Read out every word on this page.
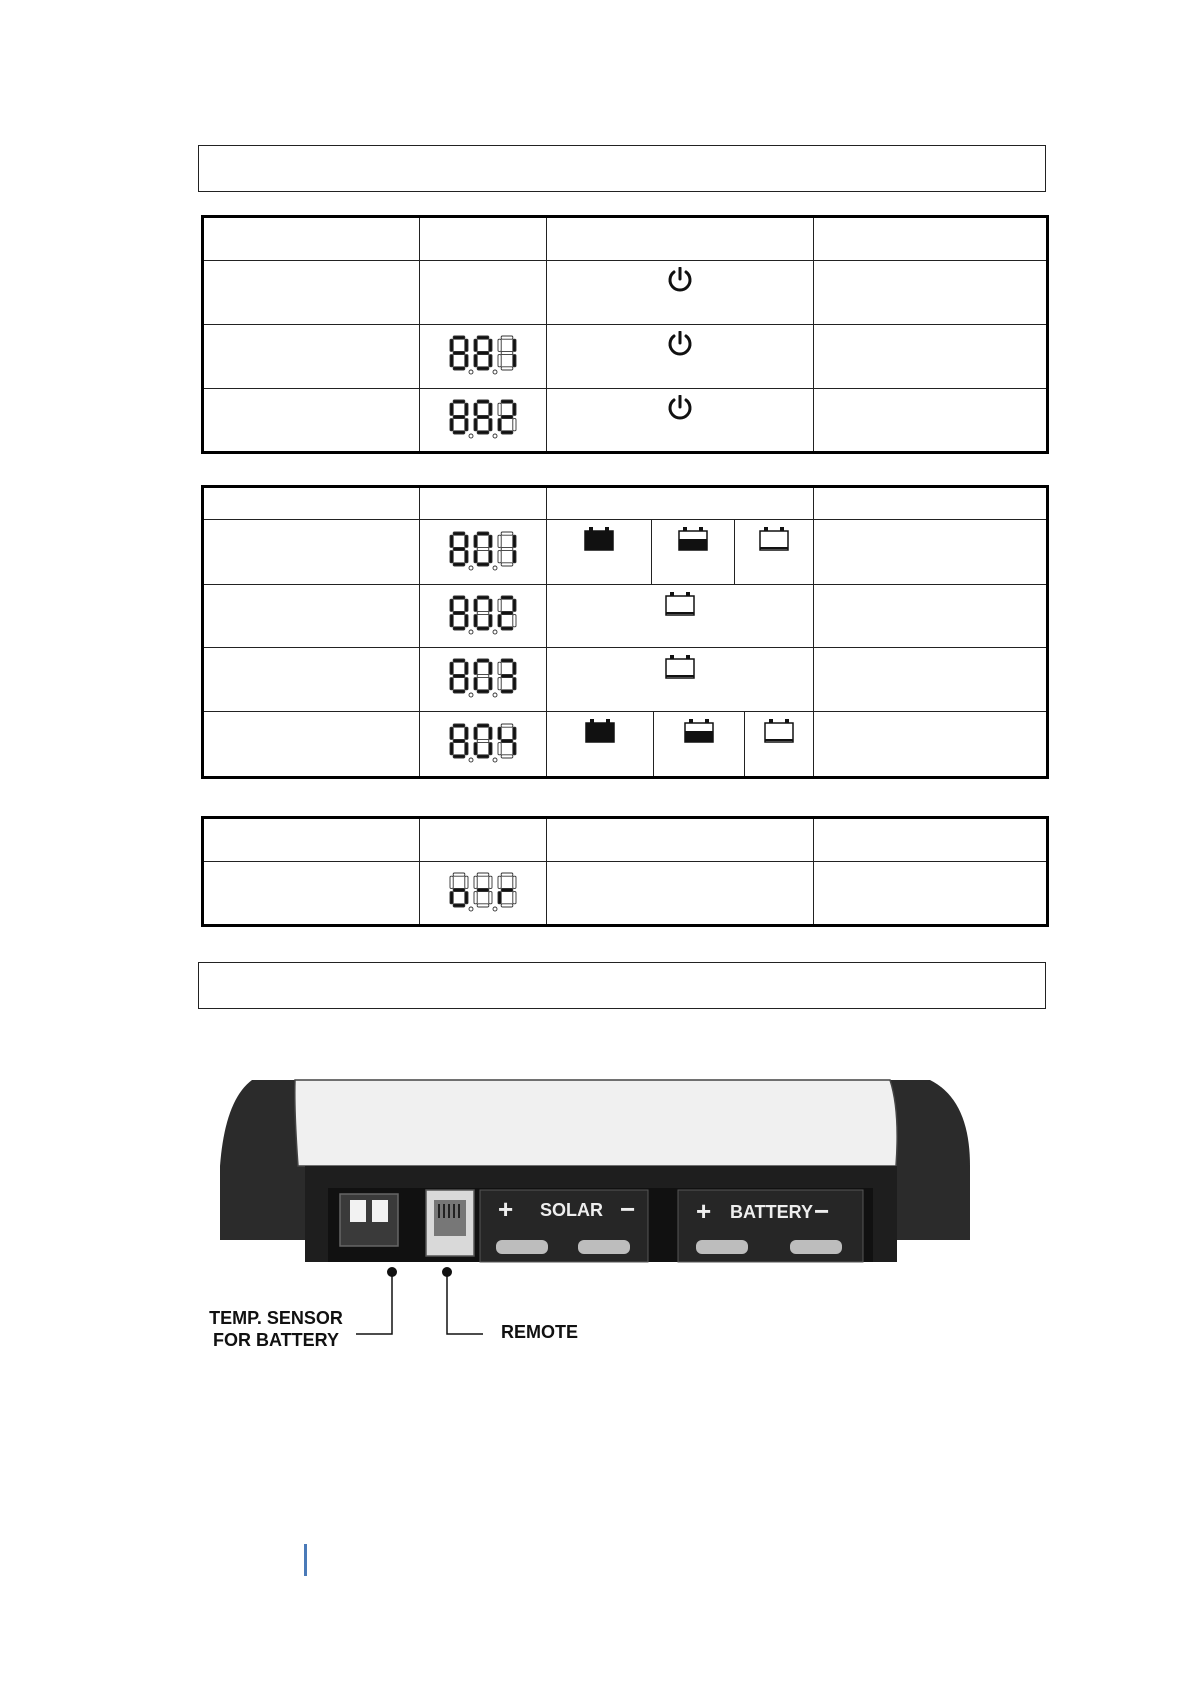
+ SOLAR − + BATTERY −
TEMP. SENSOR
FOR BATTERY	REMOTE
